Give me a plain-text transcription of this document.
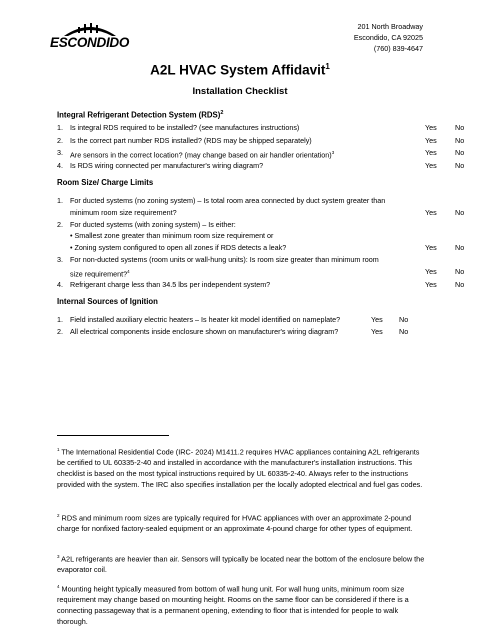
ESCONDIDO
201 North Broadway
Escondido, CA 92025
(760) 839-4647
A2L HVAC System Affidavit$^1$
Installation Checklist
Integral Refrigerant Detection System (RDS)$^2$
1. Is integral RDS required to be installed? (see manufactures instructions)	Yes	No
2. Is the correct part number RDS installed? (RDS may be shipped separately)	Yes	No
3. Are sensors in the correct location? (may change based on air handler orientation)$^3$	Yes	No
4. Is RDS wiring connected per manufacturer's wiring diagram?	Yes	No
Room Size/ Charge Limits
1. For ducted systems (no zoning system) – Is total room area connected by duct system greater than
minimum room size requirement?	Yes	No
2. For ducted systems (with zoning system) – Is either:
• Smallest zone greater than minimum room size requirement or
• Zoning system configured to open all zones if RDS detects a leak?	Yes	No
3. For non-ducted systems (room units or wall-hung units): Is room size greater than minimum room
size requirement?$^4$	Yes	No
4. Refrigerant charge less than 34.5 lbs per independent system?	Yes	No
Internal Sources of Ignition
1. Field installed auxiliary electric heaters – Is heater kit model identified on nameplate?	Yes No
2. All electrical components inside enclosure shown on manufacturer's wiring diagram?	Yes No
$^1$ The International Residential Code (IRC- 2024) M1411.2 requires HVAC appliances containing A2L refrigerants be certified to UL 60335-2-40 and installed in accordance with the manufacturer's installation instructions. This checklist is based on the most typical instructions required by UL 60335-2-40. Always refer to the instructions provided with the system. The IRC also specifies installation per the locally adopted electrical and fuel gas codes.
$^2$ RDS and minimum room sizes are typically required for HVAC appliances with over an approximate 2-pound charge for nonfixed factory-sealed equipment or an approximate 4-pound charge for other types of equipment.
$^3$ A2L refrigerants are heavier than air. Sensors will typically be located near the bottom of the enclosure below the evaporator coil.
$^4$ Mounting height typically measured from bottom of wall hung unit. For wall hung units, minimum room size requirement may change based on mounting height. Rooms on the same floor can be considered if there is a connecting passageway that is a permanent opening, extending to floor that is intended for people to walk thorough.
